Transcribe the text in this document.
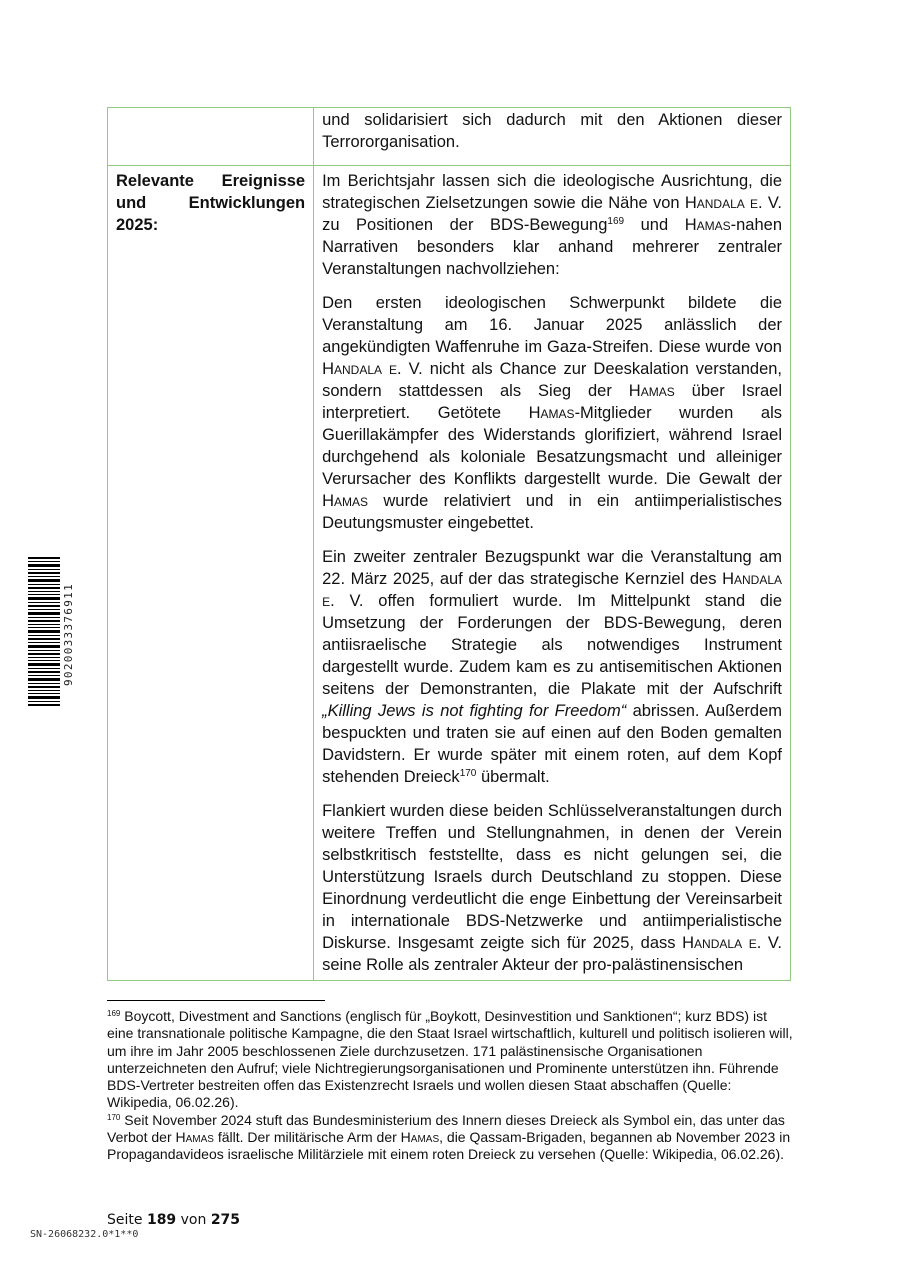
9020033376911

	und solidarisiert sich dadurch mit den Aktionen dieser Terrororganisation.

Relevante Ereignisse und Entwicklungen 2025:	Im Berichtsjahr lassen sich die ideologische Ausrichtung, die strategischen Zielsetzungen sowie die Nähe von Handala e. V. zu Positionen der BDS-Bewegung$^{169}$ und Hamas-nahen Narrativen besonders klar anhand mehrerer zentraler Veranstaltungen nachvollziehen:

Den ersten ideologischen Schwerpunkt bildete die Veranstaltung am 16. Januar 2025 anlässlich der angekündigten Waffenruhe im Gaza-Streifen. Diese wurde von Handala e. V. nicht als Chance zur Deeskalation verstanden, sondern stattdessen als Sieg der Hamas über Israel interpretiert. Getötete Hamas-Mitglieder wurden als Guerillakämpfer des Widerstands glorifiziert, während Israel durchgehend als koloniale Besatzungsmacht und alleiniger Verursacher des Konflikts dargestellt wurde. Die Gewalt der Hamas wurde relativiert und in ein antiimperialistisches Deutungsmuster eingebettet.

Ein zweiter zentraler Bezugspunkt war die Veranstaltung am 22. März 2025, auf der das strategische Kernziel des Handala e. V. offen formuliert wurde. Im Mittelpunkt stand die Umsetzung der Forderungen der BDS-Bewegung, deren antiisraelische Strategie als notwendiges Instrument dargestellt wurde. Zudem kam es zu antisemitischen Aktionen seitens der Demonstranten, die Plakate mit der Aufschrift „Killing Jews is not fighting for Freedom“ abrissen. Außerdem bespuckten und traten sie auf einen auf den Boden gemalten Davidstern. Er wurde später mit einem roten, auf dem Kopf stehenden Dreieck$^{170}$ übermalt.

Flankiert wurden diese beiden Schlüsselveranstaltungen durch weitere Treffen und Stellungnahmen, in denen der Verein selbstkritisch feststellte, dass es nicht gelungen sei, die Unterstützung Israels durch Deutschland zu stoppen. Diese Einordnung verdeutlicht die enge Einbettung der Vereinsarbeit in internationale BDS-Netzwerke und antiimperialistische Diskurse. Insgesamt zeigte sich für 2025, dass Handala e. V. seine Rolle als zentraler Akteur der pro-palästinensischen

$^{169}$ Boycott, Divestment and Sanctions (englisch für „Boykott, Desinvestition und Sanktionen“; kurz BDS) ist eine transnationale politische Kampagne, die den Staat Israel wirtschaftlich, kulturell und politisch isolieren will, um ihre im Jahr 2005 beschlossenen Ziele durchzusetzen. 171 palästinensische Organisationen unterzeichneten den Aufruf; viele Nichtregierungsorganisationen und Prominente unterstützen ihn. Führende BDS-Vertreter bestreiten offen das Existenzrecht Israels und wollen diesen Staat abschaffen (Quelle: Wikipedia, 06.02.26).

$^{170}$ Seit November 2024 stuft das Bundesministerium des Innern dieses Dreieck als Symbol ein, das unter das Verbot der Hamas fällt. Der militärische Arm der Hamas, die Qassam-Brigaden, begannen ab November 2023 in Propagandavideos israelische Militärziele mit einem roten Dreieck zu versehen (Quelle: Wikipedia, 06.02.26).

Seite 189 von 275
SN-26068232.0*1**0
